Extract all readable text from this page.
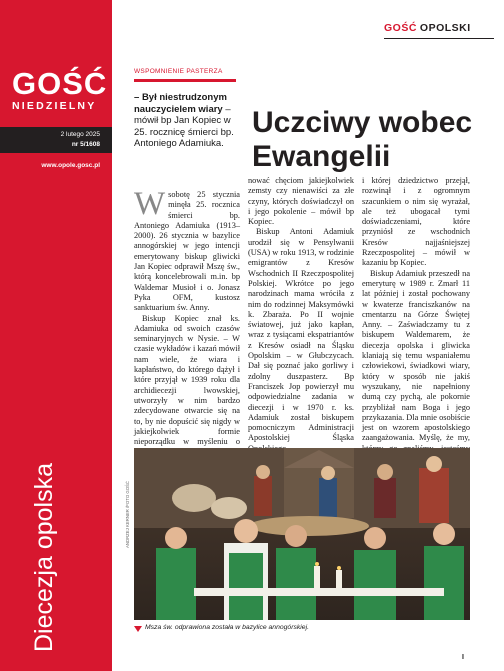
GOŚĆ
NIEDZIELNY
2 lutego 2025
nr 5/1608
www.opole.gosc.pl
Diecezja opolska
GOŚĆ OPOLSKI
WSPOMNIENIE PASTERZA
– Był niestrudzonym nauczycielem wiary – mówił bp Jan Kopiec w 25. rocznicę śmierci bp. Antoniego Adamiuka.
Uczciwy wobec Ewangelii

Wsobotę 25 stycznia minęła 25. rocznica śmierci bp. Antoniego Adamiuka (1913–2000). 26 stycznia w bazylice annogórskiej w jego intencji emerytowany biskup gliwicki Jan Kopiec odprawił Mszę św., którą koncelebrowali m.in. bp Waldemar Musioł i o. Jonasz Pyka OFM, kustosz sanktuarium św. Anny.

Biskup Kopiec znał ks. Adamiuka od swoich czasów seminaryjnych w Nysie. – W czasie wykładów i kazań mówił nam wiele, że wiara i kapłaństwo, do którego dążył i które przyjął w 1939 roku dla archidiecezji lwowskiej, utworzyły w nim bardzo zdecydowane otwarcie się na to, by nie dopuścić się nigdy w jakiejkolwiek formie nieporządku w myśleniu o

nować chęciom jakiejkolwiek zemsty czy nienawiści za złe czyny, których doświadczył on i jego pokolenie – mówił bp Kopiec.

Biskup Antoni Adamiuk urodził się w Pensylwanii (USA) w roku 1913, w rodzinie emigrantów z Kresów Wschodnich II Rzeczpospolitej Polskiej. Wkrótce po jego narodzinach mama wróciła z nim do rodzinnej Maksymówki k. Zbaraża. Po II wojnie światowej, już jako kapłan, wraz z tysiącami ekspatriantów z Kresów osiadł na Śląsku Opolskim – w Głubczycach. Dał się poznać jako gorliwy i zdolny duszpasterz. Bp Franciszek Jop powierzył mu odpowiedzialne zadania w diecezji i w 1970 r. ks. Adamiuk został biskupem pomocniczym Administracji Apostolskiej Śląska

i której dziedzictwo przejął, rozwinął i z ogromnym szacunkiem o nim się wyrażał, ale też ubogacał tymi doświadczeniami, które przyniósł ze wschodnich Kresów najjaśniejszej Rzeczpospolitej – mówił w kazaniu bp Kopiec.

Biskup Adamiuk przeszedł na emeryturę w 1989 r. Zmarł 11 lat później i został pochowany w kwaterze franciszkanów na cmentarzu na Górze Świętej Anny. – Zaświadczamy tu z biskupem Waldemarem, że diecezja opolska i gliwicka klaniają się temu wspaniałemu człowiekowi, świadkowi wiary, który w sposób nie jakiś wyszukany, nie napełniony dumą czy pychą, ale pokornie przybliżał nam Boga i jego przykazania. Dla mnie osobiście jest on wzorem apostolskiego zaangażowania. Myślę, że my,

ANDRZEJ KERNER /FOTO GOŚĆ
Msza św. odprawiona została w bazylice annogórskiej.
I
